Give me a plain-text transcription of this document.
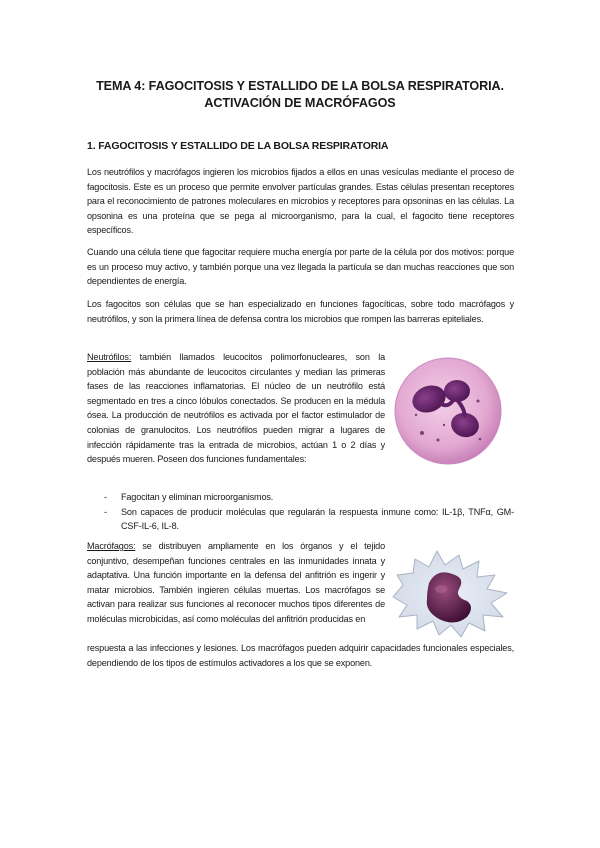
TEMA 4: FAGOCITOSIS Y ESTALLIDO DE LA BOLSA RESPIRATORIA.
ACTIVACIÓN DE MACRÓFAGOS
1. FAGOCITOSIS Y ESTALLIDO DE LA BOLSA RESPIRATORIA

Los neutrófilos y macrófagos ingieren los microbios fijados a ellos en unas vesículas mediante el proceso de fagocitosis. Este es un proceso que permite envolver partículas grandes. Estas células presentan receptores para el reconocimiento de patrones moleculares en microbios y receptores para opsoninas en las células. La opsonina es una proteína que se pega al microorganismo, para la cual, el fagocito tiene receptores específicos.

Cuando una célula tiene que fagocitar requiere mucha energía por parte de la célula por dos motivos: porque es un proceso muy activo, y también porque una vez llegada la partícula se dan muchas reacciones que son dependientes de energía.

Los fagocitos son células que se han especializado en funciones fagocíticas, sobre todo macrófagos y neutrófilos, y son la primera línea de defensa contra los microbios que rompen las barreras epiteliales.

Neutrófilos: también llamados leucocitos polimorfonucleares, son la población más abundante de leucocitos circulantes y median las primeras fases de las reacciones inflamatorias. El núcleo de un neutrófilo está segmentado en tres a cinco lóbulos conectados. Se producen en la médula ósea. La producción de neutrófilos es activada por el factor estimulador de colonias de granulocitos. Los neutrófilos pueden migrar a lugares de infección rápidamente tras la entrada de microbios, actúan 1 o 2 días y después mueren. Poseen dos funciones fundamentales:

- Fagocitan y eliminan microorganismos.
- Son capaces de producir moléculas que regularán la respuesta inmune como: IL-1β, TNFα, GM-CSF-IL-6, IL-8.

Macrófagos: se distribuyen ampliamente en los órganos y el tejido conjuntivo, desempeñan funciones centrales en las inmunidades innata y adaptativa. Una función importante en la defensa del anfitrión es ingerir y matar microbios. También ingieren células muertas. Los macrófagos se activan para realizar sus funciones al reconocer muchos tipos diferentes de moléculas microbicidas, así como moléculas del anfitrión producidas en

respuesta a las infecciones y lesiones. Los macrófagos pueden adquirir capacidades funcionales especiales, dependiendo de los tipos de estímulos activadores a los que se exponen.
